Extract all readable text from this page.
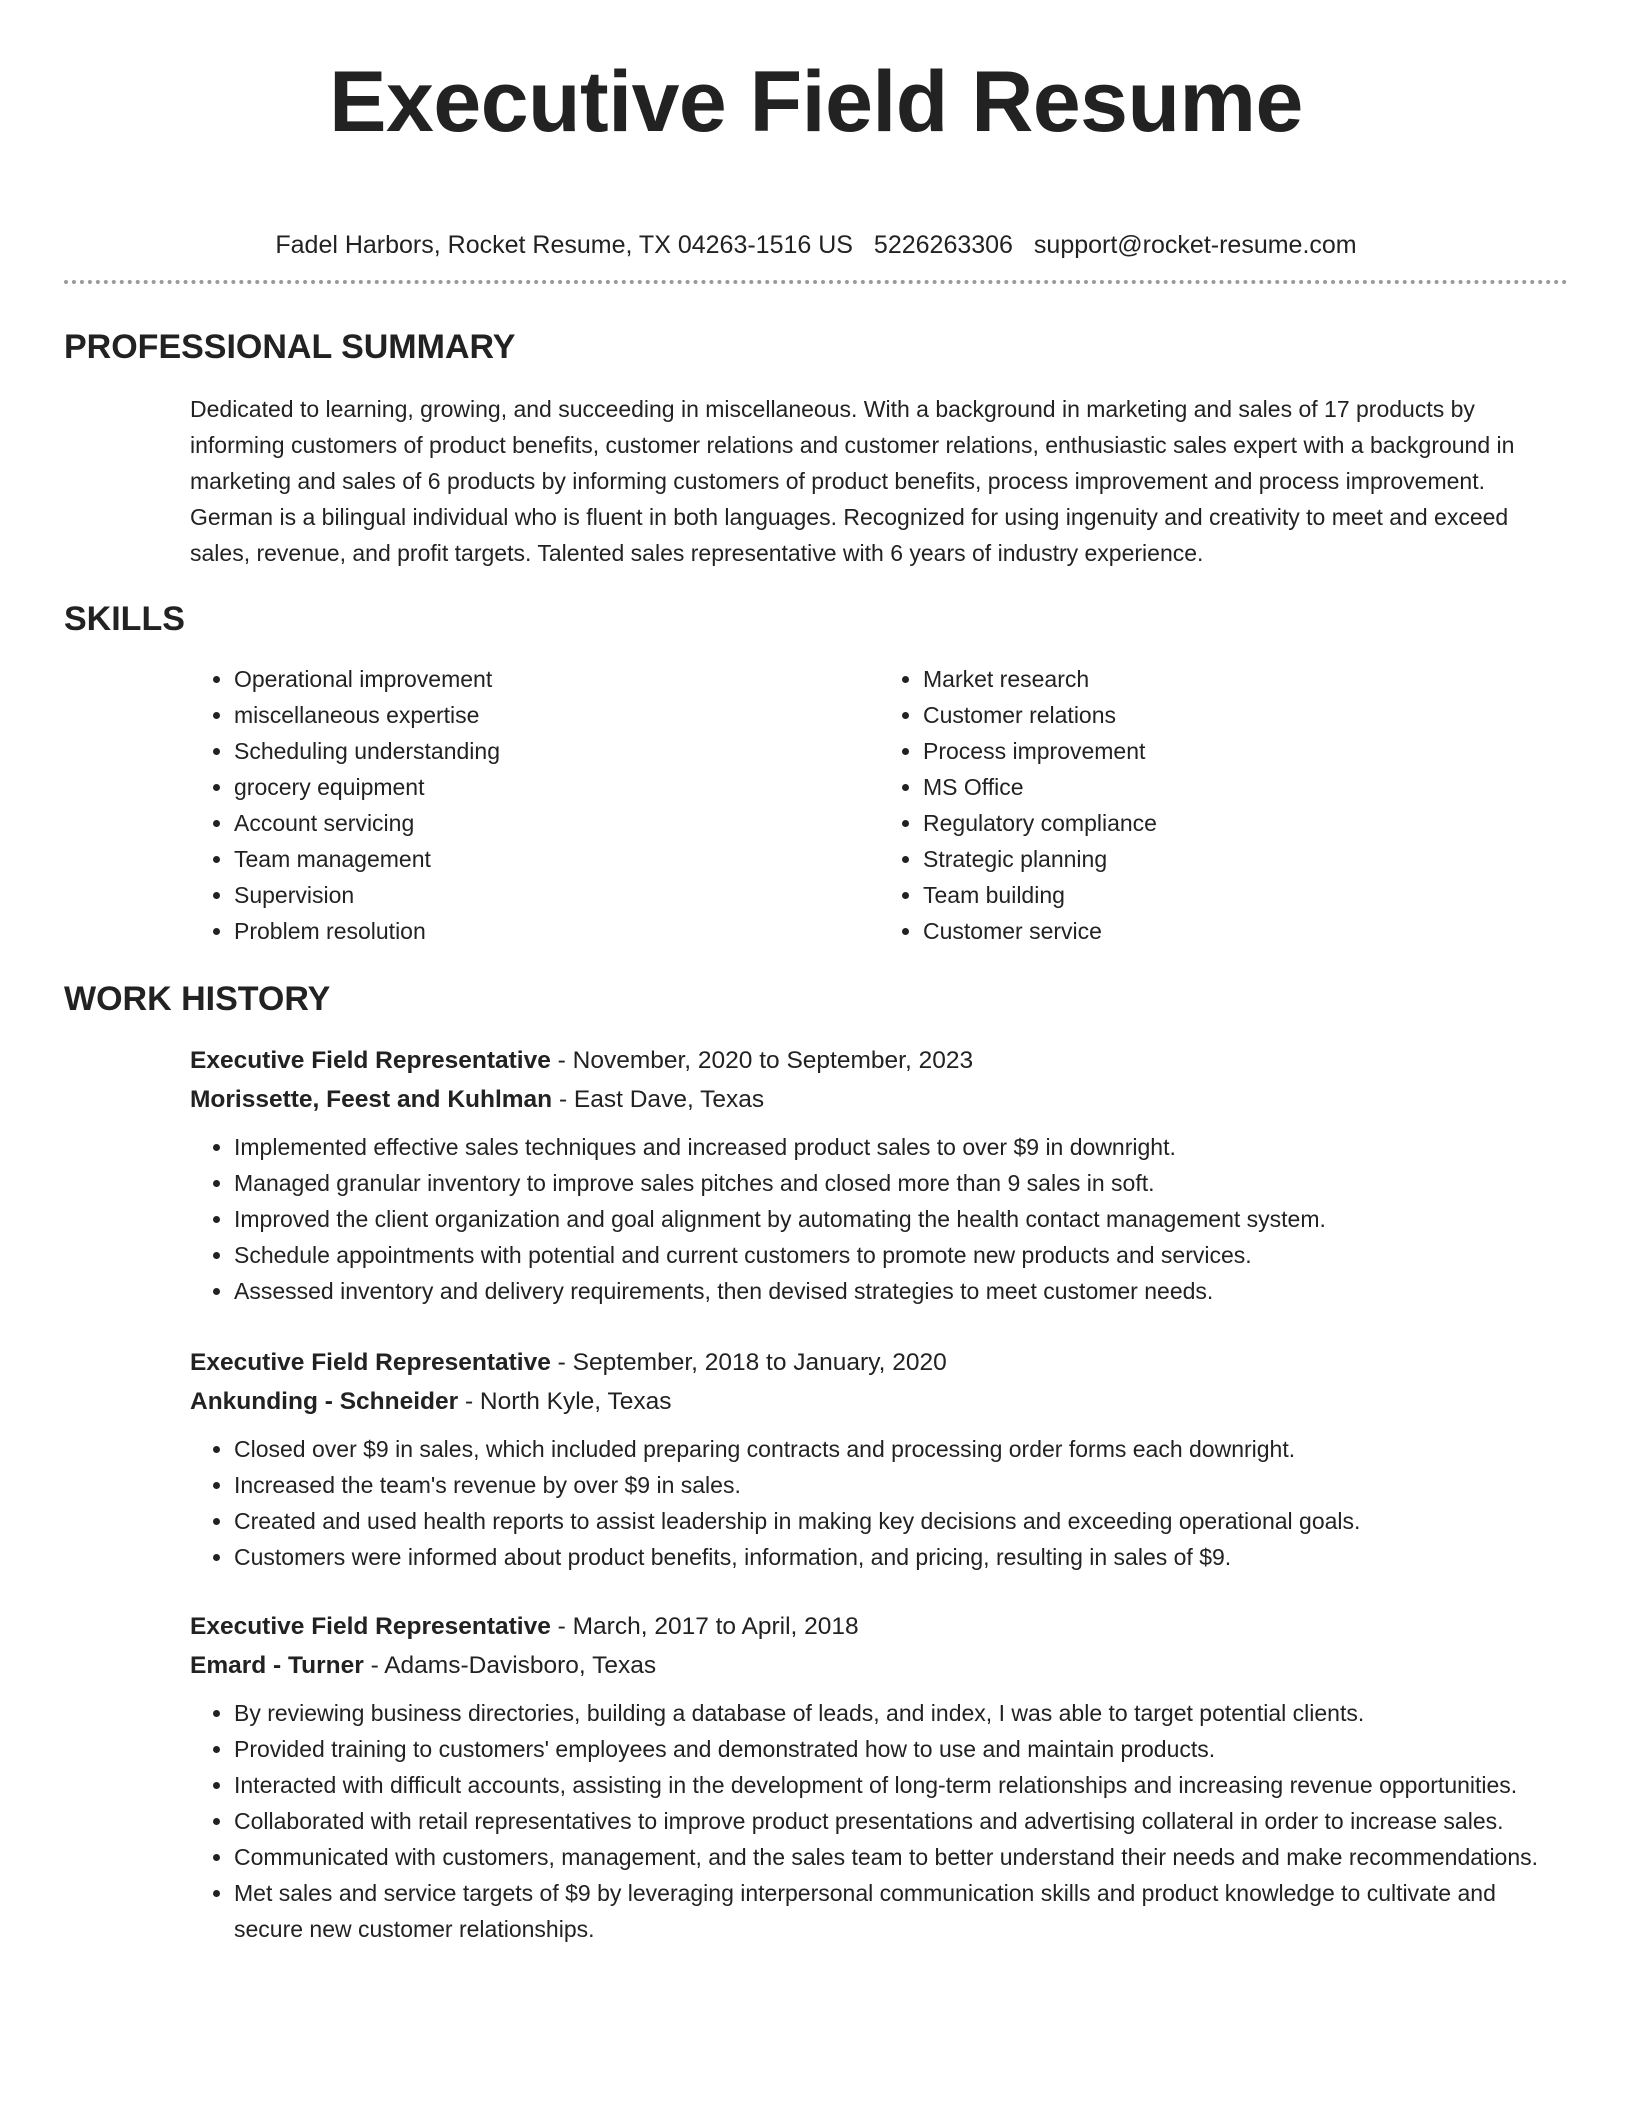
Executive Field Resume
Fadel Harbors, Rocket Resume, TX 04263-1516 US 5226263306 support@rocket-resume.com
PROFESSIONAL SUMMARY

Dedicated to learning, growing, and succeeding in miscellaneous. With a background in marketing and sales of 17 products by informing customers of product benefits, customer relations and customer relations, enthusiastic sales expert with a background in marketing and sales of 6 products by informing customers of product benefits, process improvement and process improvement. German is a bilingual individual who is fluent in both languages. Recognized for using ingenuity and creativity to meet and exceed sales, revenue, and profit targets. Talented sales representative with 6 years of industry experience.

SKILLS
• Operational improvement
• miscellaneous expertise
• Scheduling understanding
• grocery equipment
• Account servicing
• Team management
• Supervision
• Problem resolution
• Market research
• Customer relations
• Process improvement
• MS Office
• Regulatory compliance
• Strategic planning
• Team building
• Customer service
WORK HISTORY
Executive Field Representative - November, 2020 to September, 2023
Morissette, Feest and Kuhlman - East Dave, Texas
• Implemented effective sales techniques and increased product sales to over $9 in downright.
• Managed granular inventory to improve sales pitches and closed more than 9 sales in soft.
• Improved the client organization and goal alignment by automating the health contact management system.
• Schedule appointments with potential and current customers to promote new products and services.
• Assessed inventory and delivery requirements, then devised strategies to meet customer needs.
Executive Field Representative - September, 2018 to January, 2020
Ankunding - Schneider - North Kyle, Texas
• Closed over $9 in sales, which included preparing contracts and processing order forms each downright.
• Increased the team's revenue by over $9 in sales.
• Created and used health reports to assist leadership in making key decisions and exceeding operational goals.
• Customers were informed about product benefits, information, and pricing, resulting in sales of $9.
Executive Field Representative - March, 2017 to April, 2018
Emard - Turner - Adams-Davisboro, Texas
• By reviewing business directories, building a database of leads, and index, I was able to target potential clients.
• Provided training to customers' employees and demonstrated how to use and maintain products.
• Interacted with difficult accounts, assisting in the development of long-term relationships and increasing revenue opportunities.
• Collaborated with retail representatives to improve product presentations and advertising collateral in order to increase sales.
• Communicated with customers, management, and the sales team to better understand their needs and make recommendations.
• Met sales and service targets of $9 by leveraging interpersonal communication skills and product knowledge to cultivate and secure new customer relationships.
